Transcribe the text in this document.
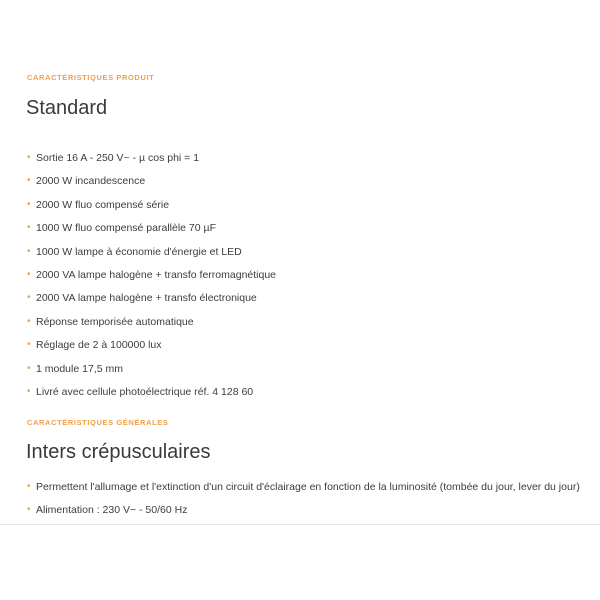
CARACTÉRISTIQUES PRODUIT
Standard
• Sortie 16 A - 250 V~ - µ cos phi = 1
• 2000 W incandescence
• 2000 W fluo compensé série
• 1000 W fluo compensé parallèle 70 µF
• 1000 W lampe à économie d'énergie et LED
• 2000 VA lampe halogène + transfo ferromagnétique
• 2000 VA lampe halogène + transfo électronique
• Réponse temporisée automatique
• Réglage de 2 à 100000 lux
• 1 module 17,5 mm
• Livré avec cellule photoélectrique réf. 4 128 60
CARACTÉRISTIQUES GÉNÉRALES
Inters crépusculaires
• Permettent l'allumage et l'extinction d'un circuit d'éclairage en fonction de la luminosité (tombée du jour, lever du jour)
• Alimentation : 230 V~ - 50/60 Hz
